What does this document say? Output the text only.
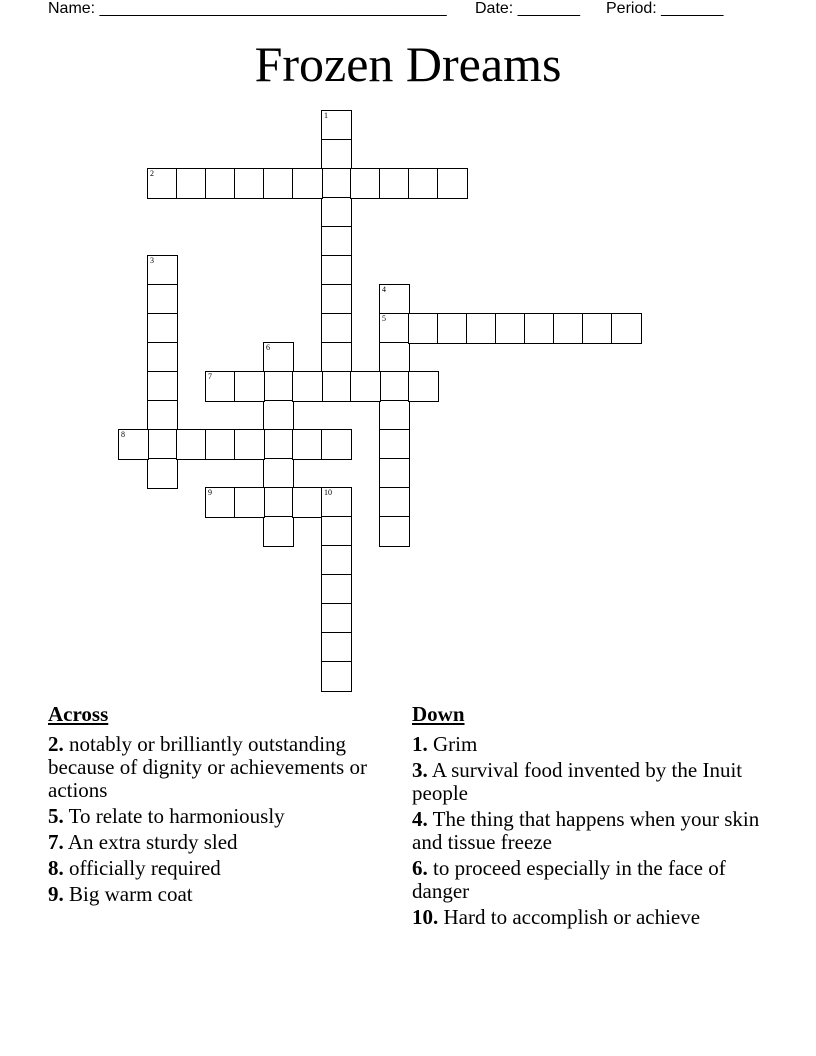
Name: _______________________________________ Date: _______ Period: _______
Frozen Dreams
1
2
3
4
5
6
7
8
9	10
Across
2. notably or brilliantly outstanding because of dignity or achievements or actions
5. To relate to harmoniously
7. An extra sturdy sled
8. officially required
9. Big warm coat
Down
1. Grim
3. A survival food invented by the Inuit people
4. The thing that happens when your skin and tissue freeze
6. to proceed especially in the face of danger
10. Hard to accomplish or achieve
